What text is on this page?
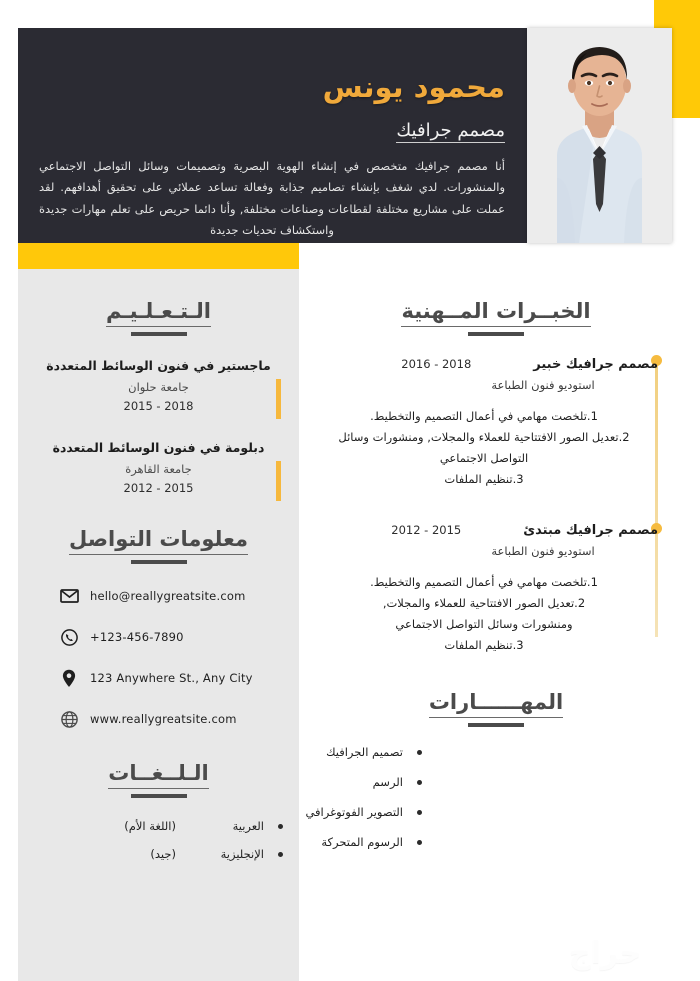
محمود يونس
مصمم جرافيك
أنا مصمم جرافيك متخصص في إنشاء الهوية البصرية وتصميمات وسائل التواصل الاجتماعي والمنشورات. لدي شغف بإنشاء تصاميم جذابة وفعالة تساعد عملائي على تحقيق أهدافهم. لقد عملت على مشاريع مختلفة لقطاعات وصناعات مختلفة, وأنا دائما حريص على تعلم مهارات جديدة واستكشاف تحديات جديدة
الـتـعـلـيـم
ماجستير في فنون الوسائط المتعددة
جامعة حلوان
2015 - 2018
دبلومة في فنون الوسائط المتعددة
جامعة القاهرة
2012 - 2015
معلومات التواصل
hello@reallygreatsite.com
+123-456-7890
123 Anywhere St., Any City
www.reallygreatsite.com
الـلــغــات
العربية
(اللغة الأم)
الإنجليزية
(جيد)
الخبــرات المــهنية
مصمم جرافيك خبير
2016 - 2018
استوديو فنون الطباعة
1.تلخصت مهامي في أعمال التصميم والتخطيط.
2.تعديل الصور الافتتاحية للعملاء والمجلات, ومنشورات وسائل
التواصل الاجتماعي
3.تنظيم الملفات
مصمم جرافيك مبتدئ
2012 - 2015
استوديو فنون الطباعة
1.تلخصت مهامي في أعمال التصميم والتخطيط.
2.تعديل الصور الافتتاحية للعملاء والمجلات,
ومنشورات وسائل التواصل الاجتماعي
3.تنظيم الملفات
المهــــــارات
تصميم الجرافيك
الرسم
التصوير الفوتوغرافي
الرسوم المتحركة
حراج
